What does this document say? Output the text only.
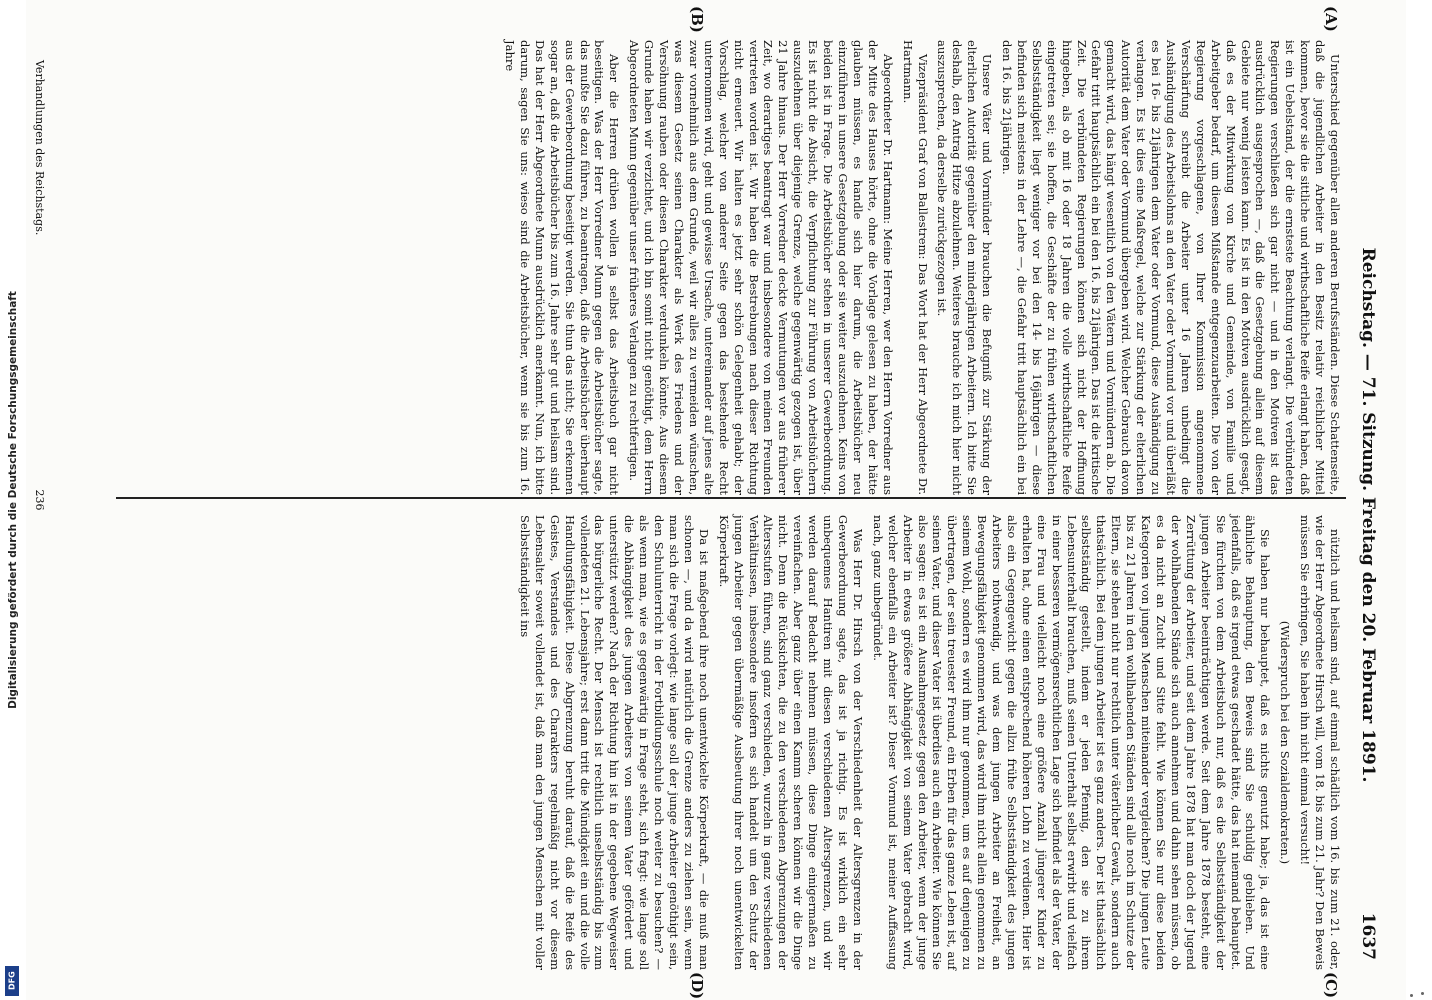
Digitalisierung gefördert durch die Deutsche Forschungsgemeinschaft
DFG
Reichstag. — 71. Sitzung. Freitag den 20. Februar 1891.
1637
(A)
(B)
(C)
(D)

Unterschied gegenüber allen anderen Berufsständen. Diese Schattenseite, daß die jugendlichen Arbeiter in den Besitz relativ reichlicher Mittel kommen, bevor sie die sittliche und wirthschaftliche Reife erlangt haben, daß ist ein Uebelstand, der die ernsteste Beachtung verlangt. Die verbündeten Regierungen verschließen sich gar nicht — und in den Motiven ist das ausdrücklich ausgesprochen —, daß die Gesetzgebung allein auf diesem Gebiete nur wenig leisten kann. Es ist in den Motiven ausdrücklich gesagt, daß es der Mitwirkung von Kirche und Gemeinde, von Familie und Arbeitgeber bedarf, um diesem Mißstande entgegenzuarbeiten. Die von der Regierung vorgeschlagene, von Ihrer Kommission angenommene Verschärfung schreibt die Arbeiter unter 16 Jahren unbedingt die Aushändigung des Arbeitslohns an den Vater oder Vormund vor und überläßt es bei 16- bis 21jährigen dem Vater oder Vormund, diese Aushändigung zu verlangen. Es ist dies eine Maßregel, welche zur Stärkung der elterlichen Autorität dem Vater oder Vormund übergeben wird. Welcher Gebrauch davon gemacht wird, das hängt wesentlich von den Vätern und Vormündern ab. Die Gefahr tritt hauptsächlich ein bei den 16. bis 21jährigen. Das ist die kritische Zeit. Die verbündeten Regierungen können sich nicht der Hoffnung hingeben, als ob mit 16 oder 18 Jahren die volle wirthschaftliche Reife eingetreten sei; sie hoffen, die Geschäfte der zu frühen wirthschaftlichen Selbstständigkeit liegt weniger vor bei den 14- bis 16jährigen — diese befinden sich meistens in der Lehre —, die Gefahr tritt hauptsächlich ein bei den 16. bis 21jährigen.

Unsere Väter und Vormünder brauchen die Befugniß zur Stärkung der elterlichen Autorität gegenüber den minderjährigen Arbeitern. Ich bitte Sie deshalb, den Antrag Hitze abzulehnen. Weiteres brauche ich mich hier nicht auszusprechen, da derselbe zurückgezogen ist.

Vizepräsident Graf von Ballestrem: Das Wort hat der Herr Abgeordnete Dr. Hartmann.

Abgeordneter Dr. Hartmann: Meine Herren, wer den Herrn Vorredner aus der Mitte des Hauses hörte, ohne die Vorlage gelesen zu haben, der hätte glauben müssen, es handle sich hier darum, die Arbeitsbücher neu einzuführen in unsere Gesetzgebung oder sie weiter auszudehnen. Keins von beiden ist in Frage. Die Arbeitsbücher stehen in unserer Gewerbeordnung. Es ist nicht die Absicht, die Verpflichtung zur Führung von Arbeitsbüchern auszudehnen über diejenige Grenze, welche gegenwärtig gezogen ist, über 21 Jahre hinaus. Der Herr Vorredner deckte Vermutungen vor aus früherer Zeit, wo derartiges beantragt war und insbesondere von meinen Freunden vertreten worden ist. Wir haben die Bestrebungen nach dieser Richtung nicht erneuert. Wir halten es jetzt sehr schön Gelegenheit gehabt; der Vorschlag, welcher von anderer Seite gegen das bestehende Recht unternommen wird, geht und gewisse Ursache, untereinander auf jenes alte zwar vornehmlich aus dem Grunde, weil wir alles zu vermeiden wünschen, was diesem Gesetz seinen Charakter als Werk des Friedens und der Versöhnung rauben oder diesen Charakter verdunkeln könnte. Aus diesem Grunde haben wir verzichtet, und ich bin somit nicht genöthigt, dem Herrn Abgeordneten Munn gegenüber unser früheres Verlangen zu rechtfertigen.

Aber die Herren drüben wollen ja selbst das Arbeitsbuch gar nicht beseitigen. Was der Herr Vorredner Munn gegen die Arbeitsbücher sagte, das mußte Sie dazu führen, zu beantragen, daß die Arbeitsbücher überhaupt aus der Gewerbeordnung beseitigt werden. Sie thun das nicht; Sie erkennen sogar an, daß die Arbeitsbücher bis zum 16. Jahre sehr gut und heilsam sind. Das hat der Herr Abgeordnete Munn ausdrücklich anerkannt. Nun, ich bitte darum, sagen Sie uns: wieso sind die Arbeitsbücher, wenn sie bis zum 16. Jahre

nützlich und heilsam sind, auf einmal schädlich vom 16. bis zum 21. oder, wie der Herr Abgeordnete Hirsch will, vom 18. bis zum 21. Jahr? Den Beweis müssen Sie erbringen, Sie haben ihn nicht einmal versucht!

(Widerspruch bei den Sozialdemokraten.)

Sie haben nur behauptet, daß es nichts genutzt habe; ja, das ist eine ähnliche Behauptung, den Beweis sind Sie schuldig geblieben. Und jedenfalls, daß es irgend etwas geschadet hätte, das hat niemand behauptet. Sie fürchten von dem Arbeitsbuch nur, daß es die Selbstständigkeit der jungen Arbeiter beeinträchtigen werde. Seit dem Jahre 1878 besteht, eine Zerrüttung der Arbeiter, und seit dem Jahre 1878 hat man doch der Jugend der wohlhabenden Stände sich auch annehmen und dahin sehen müssen, ob es da nicht an Zucht und Sitte fehlt. Wie können Sie nur diese beiden Kategorien von jungen Menschen miteinander vergleichen? Die jungen Leute bis zu 21 Jahren in den wohlhabenden Ständen sind alle noch im Schutze der Eltern, sie stehen nicht nur rechtlich unter väterlicher Gewalt, sondern auch thatsächlich. Bei dem jungen Arbeiter ist es ganz anders. Der ist thatsächlich selbstständig gestellt, indem er jeden Pfennig, den sie zu ihrem Lebensunterhalt brauchen, muß seinen Unterhalt selbst erwirbt und vielfach in einer besseren vermögensrechtlichen Lage sich befindet als der Vater, der eine Frau und vielleicht noch eine größere Anzahl jüngerer Kinder zu erhalten hat, ohne einen entsprechend höheren Lohn zu verdienen. Hier ist also ein Gegengewicht gegen die allzu frühe Selbstständigkeit des jungen Arbeiters nothwendig, und was dem jungen Arbeiter an Freiheit, an Bewegungsfähigkeit genommen wird, das wird ihm nicht allein genommen zu seinem Wohl, sondern es wird ihm nur genommen, um es auf denjenigen zu übertragen, der sein treuester Freund, ein Erben für das ganze Leben ist, auf seinen Vater, und dieser Vater ist überdies auch ein Arbeiter. Wie können Sie also sagen: es ist ein Ausnahmegesetz gegen den Arbeiter, wenn der junge Arbeiter in etwas größere Abhängigkeit von seinem Vater gebracht wird, welcher ebenfalls ein Arbeiter ist? Dieser Vormund ist, meiner Auffassung nach, ganz unbegründet.

Was Herr Dr. Hirsch von der Verschiedenheit der Altersgrenzen in der Gewerbeordnung sagte, das ist ja richtig. Es ist wirklich ein sehr unbequemes Hantiren mit diesen verschiedenen Altersgrenzen, und wir werden darauf Bedacht nehmen müssen, diese Dinge einigermaßen zu vereinfachen. Aber ganz über einen Kamm scheren können wir die Dinge nicht. Denn die Rücksichten, die zu den verschiedenen Abgrenzungen der Altersstufen führen, sind ganz verschieden, wurzeln in ganz verschiedenen Verhältnissen, insbesondere insofern es sich handelt um den Schutz der jungen Arbeiter gegen übermäßige Ausbeutung ihrer noch unentwickelten Körperkraft.

Da ist maßgebend ihre noch unentwickelte Körperkraft, — die muß man schonen —, und da wird natürlich die Grenze anders zu ziehen sein, wenn man sich die Frage vorlegt: wie lange soll der junge Arbeiter genöthigt sein, den Schulunterricht in der Fortbildungsschule noch weiter zu besuchen? — als wenn man, wie es gegenwärtig in Frage steht, sich fragt: wie lange soll die Abhängigkeit des jungen Arbeiters von seinem Vater gefördert und unterstützt werden? Nach der Richtung hin ist in der gegebene Wegweiser das bürgerliche Recht. Der Mensch ist rechtlich unselbstständig bis zum vollendeten 21. Lebensjahre; erst dann tritt die Mündigkeit ein und die volle Handlungsfähigkeit. Diese Abgrenzung beruht darauf, daß die Reife des Geistes, Verstandes und des Charakters regelmäßig nicht vor diesem Lebensalter soweit vollendet ist, daß man den jungen Menschen mit voller Selbstständigkeit ins

Verhandlungen des Reichstags.
236
